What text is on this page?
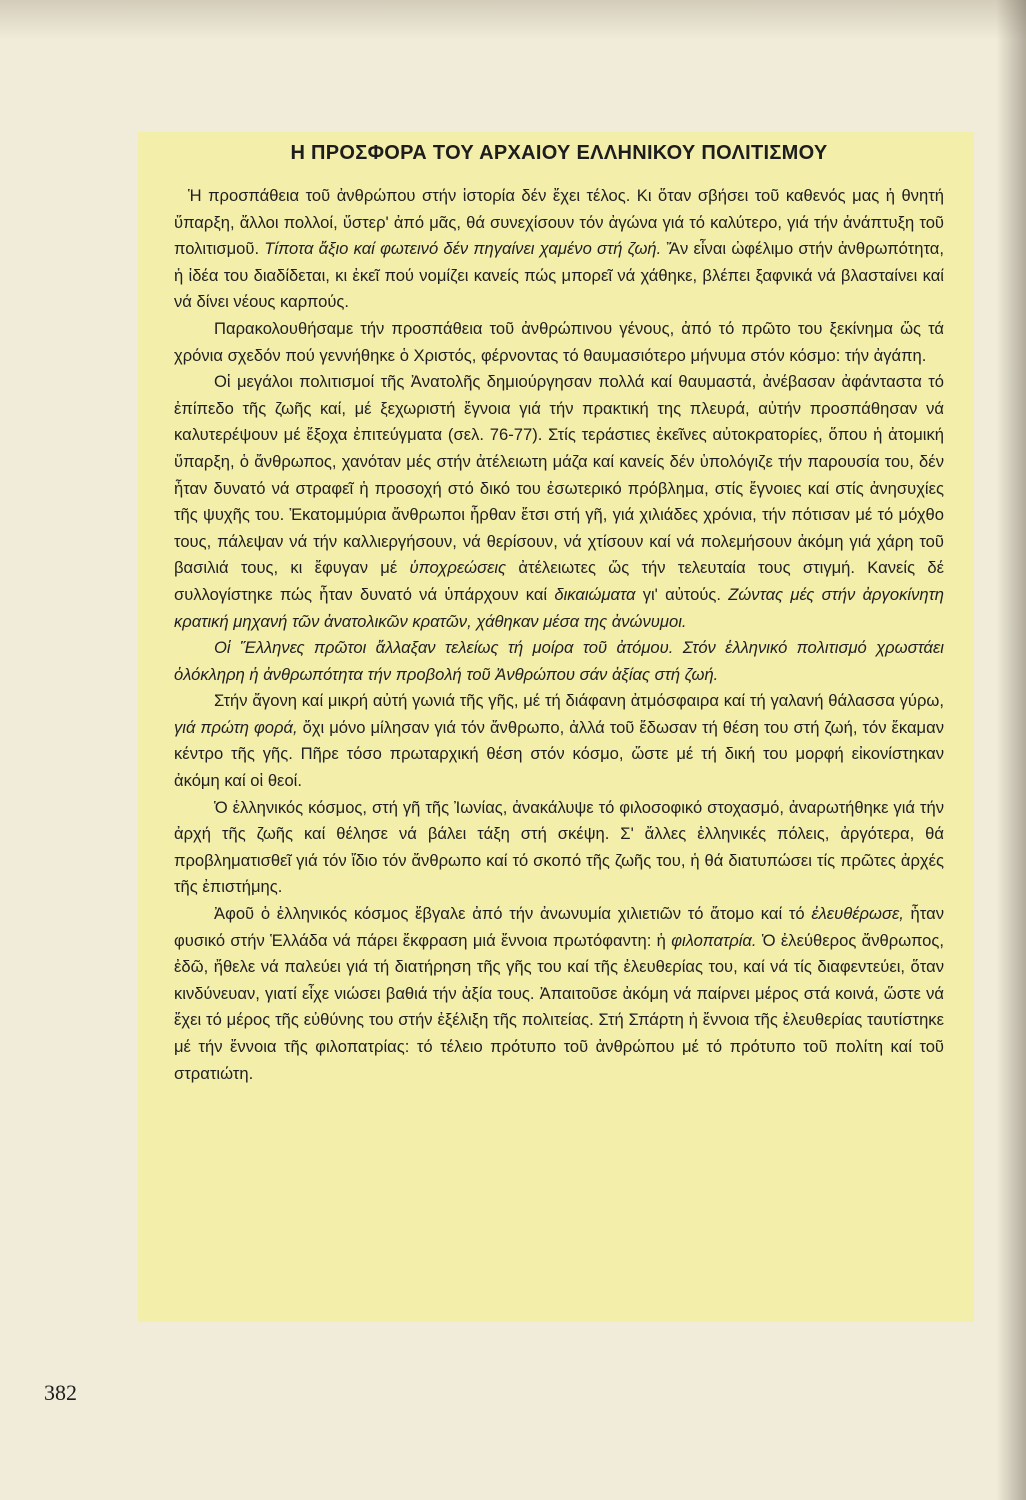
Η ΠΡΟΣΦΟΡΑ ΤΟΥ ΑΡΧΑΙΟΥ ΕΛΛΗΝΙΚΟΥ ΠΟΛΙΤΙΣΜΟΥ

Ἡ προσπάθεια τοῦ ἀνθρώπου στήν ἱστορία δέν ἔχει τέλος. Κι ὅταν σβήσει τοῦ καθενός μας ἡ θνητή ὕπαρξη, ἄλλοι πολλοί, ὕστερ' ἀπό μᾶς, θά συνεχίσουν τόν ἀγώνα γιά τό καλύτερο, γιά τήν ἀνάπτυξη τοῦ πολιτισμοῦ. Τίποτα ἄξιο καί φωτεινό δέν πηγαίνει χαμένο στή ζωή. Ἄν εἶναι ὠφέλιμο στήν ἀνθρωπότητα, ἡ ἰδέα του διαδίδεται, κι ἐκεῖ πού νομίζει κανείς πώς μπορεῖ νά χάθηκε, βλέπει ξαφνικά νά βλασταίνει καί νά δίνει νέους καρπούς.

Παρακολουθήσαμε τήν προσπάθεια τοῦ ἀνθρώπινου γένους, ἀπό τό πρῶτο του ξεκίνημα ὥς τά χρόνια σχεδόν πού γεννήθηκε ὁ Χριστός, φέρνοντας τό θαυμασιότερο μήνυμα στόν κόσμο: τήν ἀγάπη.

Οἱ μεγάλοι πολιτισμοί τῆς Ἀνατολῆς δημιούργησαν πολλά καί θαυμαστά, ἀνέβασαν ἀφάνταστα τό ἐπίπεδο τῆς ζωῆς καί, μέ ξεχωριστή ἔγνοια γιά τήν πρακτική της πλευρά, αὐτήν προσπάθησαν νά καλυτερέψουν μέ ἔξοχα ἐπιτεύγματα (σελ. 76-77). Στίς τεράστιες ἐκεῖνες αὐτοκρατορίες, ὅπου ἡ ἀτομική ὕπαρξη, ὁ ἄνθρωπος, χανόταν μές στήν ἀτέλειωτη μάζα καί κανείς δέν ὑπολόγιζε τήν παρουσία του, δέν ἦταν δυνατό νά στραφεῖ ἡ προσοχή στό δικό του ἐσωτερικό πρόβλημα, στίς ἔγνοιες καί στίς ἀνησυχίες τῆς ψυχῆς του. Ἑκατομμύρια ἄνθρωποι ἦρθαν ἔτσι στή γῆ, γιά χιλιάδες χρόνια, τήν πότισαν μέ τό μόχθο τους, πάλεψαν νά τήν καλλιεργήσουν, νά θερίσουν, νά χτίσουν καί νά πολεμήσουν ἀκόμη γιά χάρη τοῦ βασιλιά τους, κι ἔφυγαν μέ ὑποχρεώσεις ἀτέλειωτες ὥς τήν τελευταία τους στιγμή. Κανείς δέ συλλογίστηκε πώς ἦταν δυνατό νά ὑπάρχουν καί δικαιώματα γι' αὐτούς. Ζώντας μές στήν ἀργοκίνητη κρατική μηχανή τῶν ἀνατολικῶν κρατῶν, χάθηκαν μέσα της ἀνώνυμοι.

Οἱ Ἕλληνες πρῶτοι ἄλλαξαν τελείως τή μοίρα τοῦ ἀτόμου. Στόν ἑλληνικό πολιτισμό χρωστάει ὁλόκληρη ἡ ἀνθρωπότητα τήν προβολή τοῦ Ἀνθρώπου σάν ἀξίας στή ζωή.

Στήν ἄγονη καί μικρή αὐτή γωνιά τῆς γῆς, μέ τή διάφανη ἀτμόσφαιρα καί τή γαλανή θάλασσα γύρω, γιά πρώτη φορά, ὄχι μόνο μίλησαν γιά τόν ἄνθρωπο, ἀλλά τοῦ ἔδωσαν τή θέση του στή ζωή, τόν ἔκαμαν κέντρο τῆς γῆς. Πῆρε τόσο πρωταρχική θέση στόν κόσμο, ὥστε μέ τή δική του μορφή εἰκονίστηκαν ἀκόμη καί οἱ θεοί.

Ὁ ἑλληνικός κόσμος, στή γῆ τῆς Ἰωνίας, ἀνακάλυψε τό φιλοσοφικό στοχασμό, ἀναρωτήθηκε γιά τήν ἀρχή τῆς ζωῆς καί θέλησε νά βάλει τάξη στή σκέψη. Σ' ἄλλες ἑλληνικές πόλεις, ἀργότερα, θά προβληματισθεῖ γιά τόν ἴδιο τόν ἄνθρωπο καί τό σκοπό τῆς ζωῆς του, ἡ θά διατυπώσει τίς πρῶτες ἀρχές τῆς ἐπιστήμης.

Ἀφοῦ ὁ ἑλληνικός κόσμος ἔβγαλε ἀπό τήν ἀνωνυμία χιλιετιῶν τό ἄτομο καί τό ἐλευθέρωσε, ἦταν φυσικό στήν Ἑλλάδα νά πάρει ἔκφραση μιά ἔννοια πρωτόφαντη: ἡ φιλοπατρία. Ὁ ἐλεύθερος ἄνθρωπος, ἐδῶ, ἤθελε νά παλεύει γιά τή διατήρηση τῆς γῆς του καί τῆς ἐλευθερίας του, καί νά τίς διαφεντεύει, ὅταν κινδύνευαν, γιατί εἶχε νιώσει βαθιά τήν ἀξία τους. Ἀπαιτοῦσε ἀκόμη νά παίρνει μέρος στά κοινά, ὥστε νά ἔχει τό μέρος τῆς εὐθύνης του στήν ἐξέλιξη τῆς πολιτείας. Στή Σπάρτη ἡ ἔννοια τῆς ἐλευθερίας ταυτίστηκε μέ τήν ἔννοια τῆς φιλοπατρίας: τό τέλειο πρότυπο τοῦ ἀνθρώπου μέ τό πρότυπο τοῦ πολίτη καί τοῦ στρατιώτη.

382
